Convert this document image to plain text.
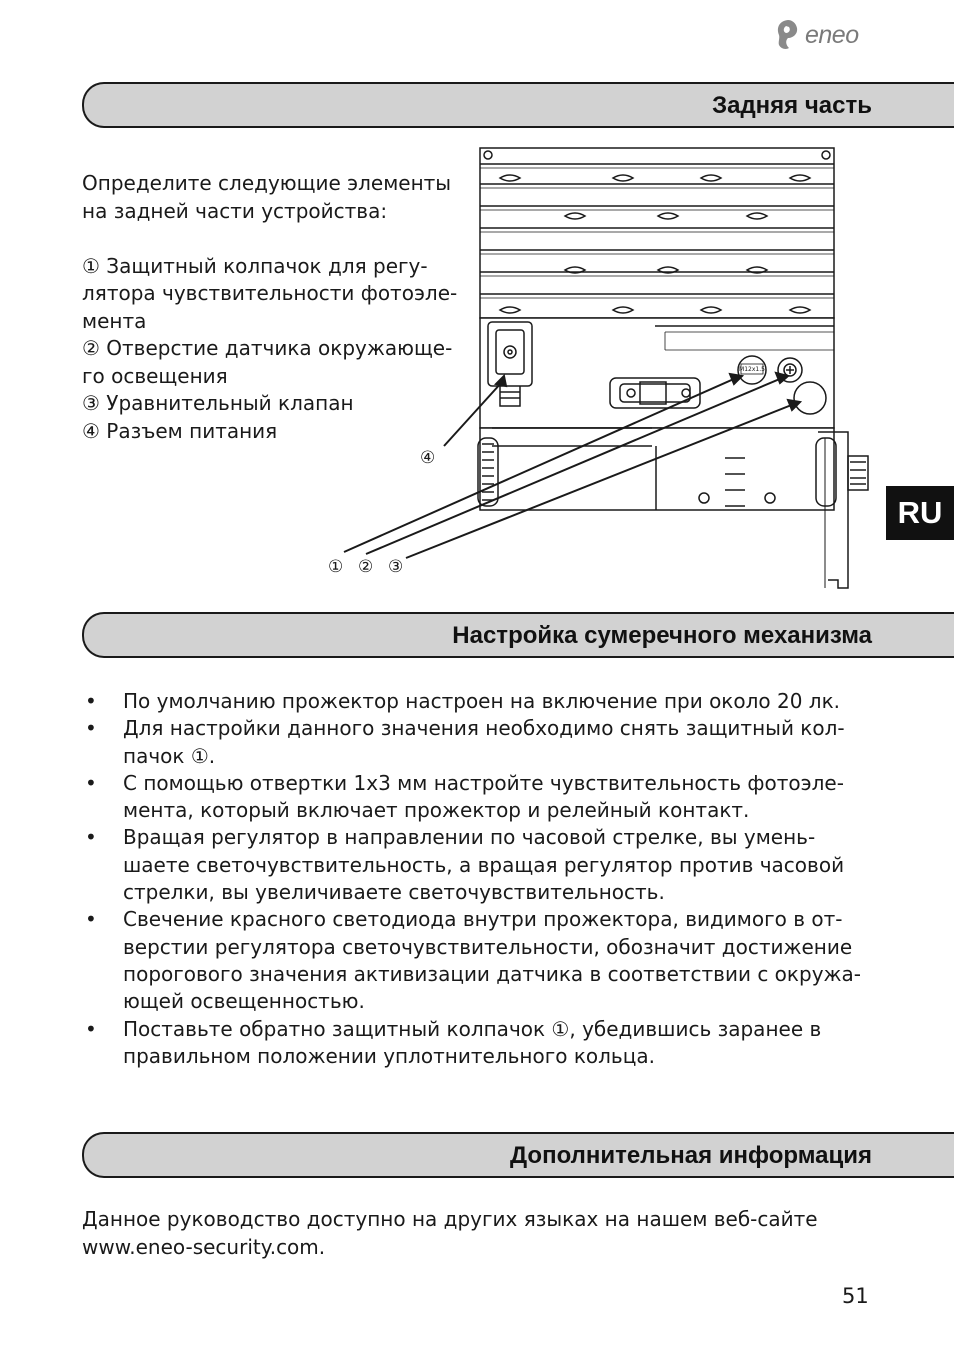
eneo
Задняя часть

Определите следующие элементы

на задней части устройства:

① Защитный колпачок для регу-

лятора чувствительности фотоэле-

мента

② Отверстие датчика окружающе-

го освещения

③ Уравнительный клапан

④ Разъем питания

M12x1.5
④
① ② ③
RU
Настройка сумеречного механизма
• По умолчанию прожектор настроен на включение при около 20 лк.
• Для настройки данного значения необходимо снять защитный кол-
пачок ①.
• С помощью отвертки 1x3 мм настройте чувствительность фотоэле-
мента, который включает прожектор и релейный контакт.
• Вращая регулятор в направлении по часовой стрелке, вы умень-
шаете светочувствительность, а вращая регулятор против часовой
стрелки, вы увеличиваете светочувствительность.
• Свечение красного светодиода внутри прожектора, видимого в от-
верстии регулятора светочувствительности, обозначит достижение
порогового значения активизации датчика в соответствии с окружа-
ющей освещенностью.
• Поставьте обратно защитный колпачок ①, убедившись заранее в
правильном положении уплотнительного кольца.
Дополнительная информация

Данное руководство доступно на других языках на нашем веб-сайте

www.eneo-security.com.

51
